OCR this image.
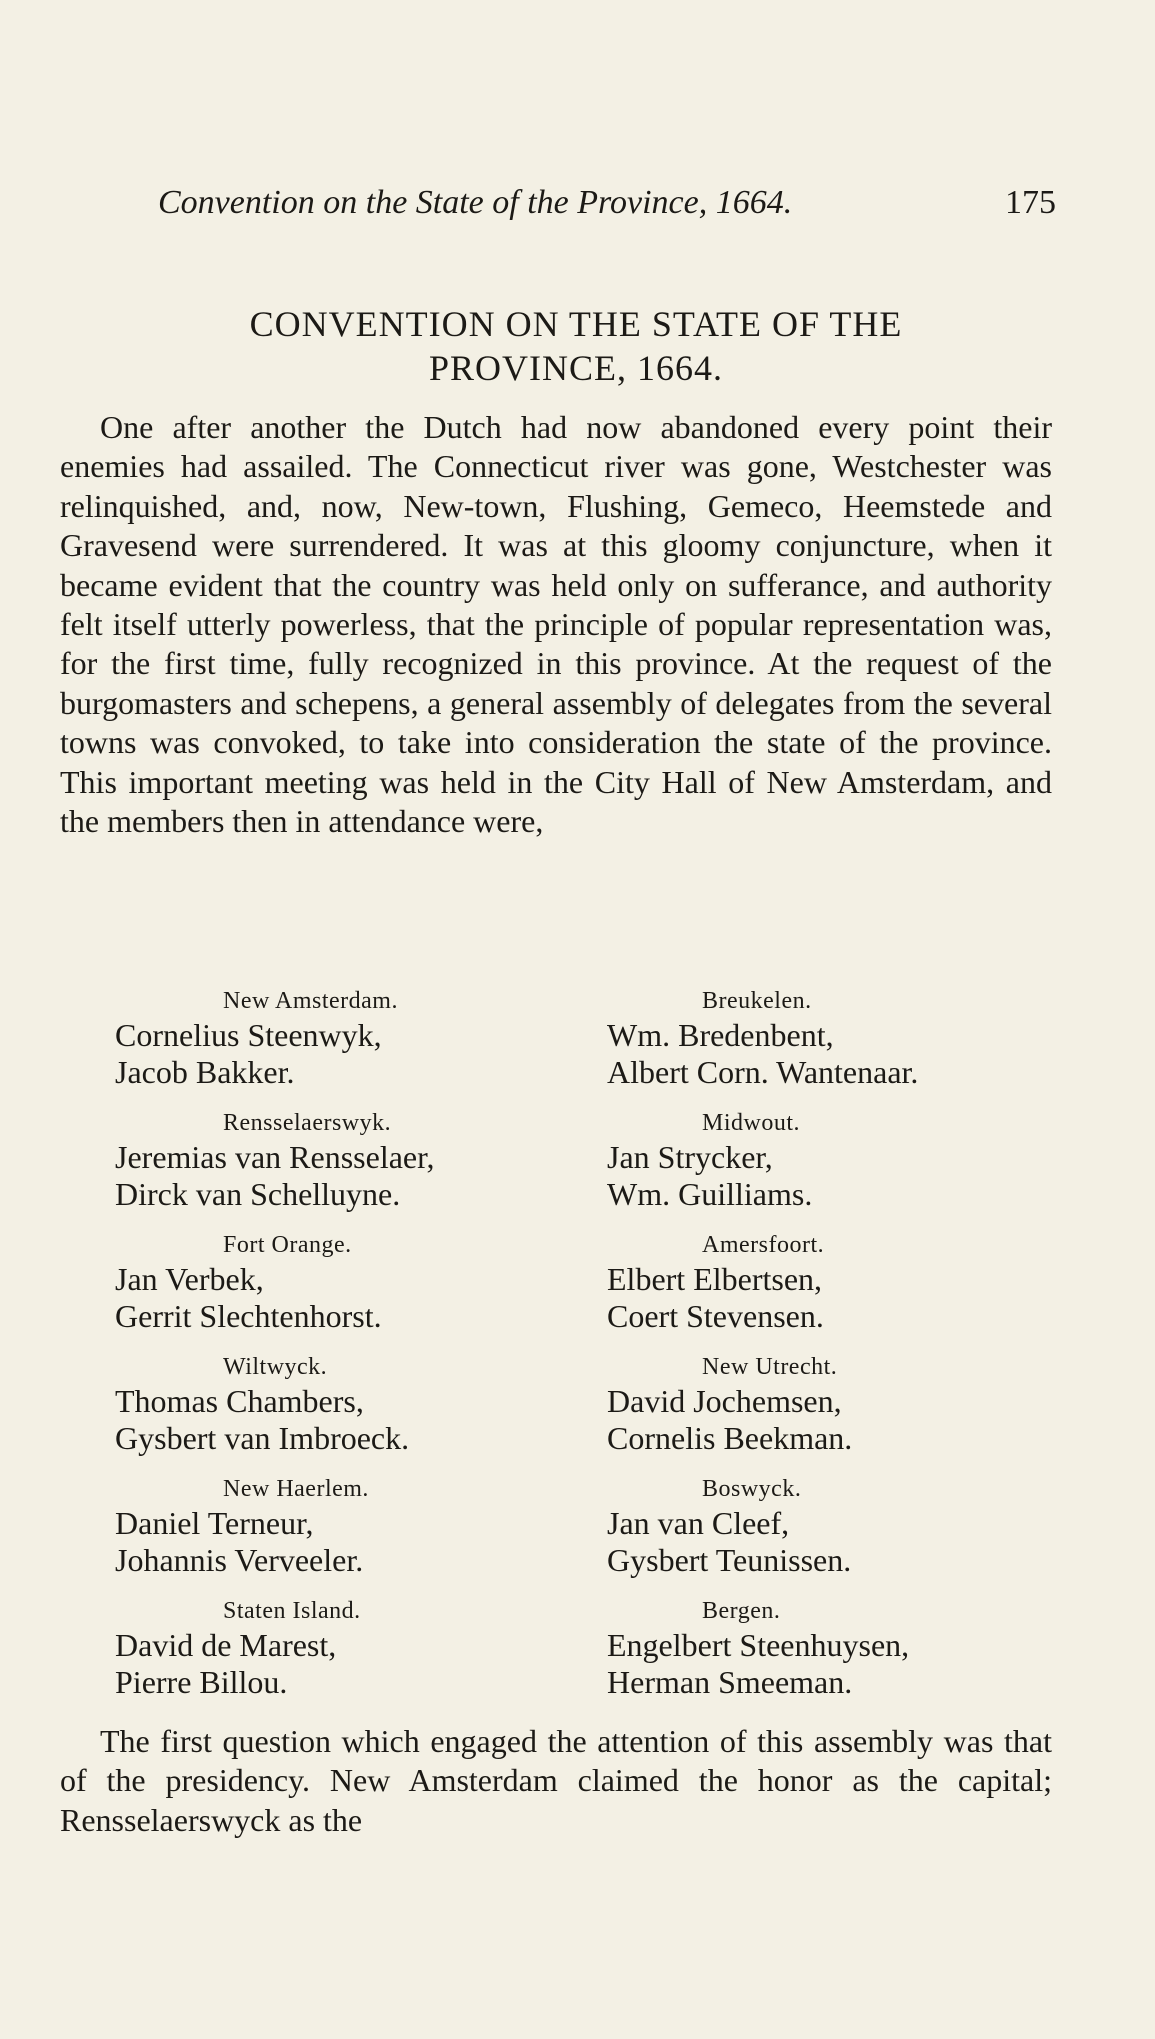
Convention on the State of the Province, 1664.	175
CONVENTION ON THE STATE OF THE
PROVINCE, 1664.

One after another the Dutch had now abandoned every point their enemies had assailed. The Connecticut river was gone, Westchester was relinquished, and, now, New-town, Flushing, Gemeco, Heemstede and Gravesend were surrendered. It was at this gloomy conjuncture, when it became evident that the country was held only on sufferance, and authority felt itself utterly powerless, that the principle of popular representation was, for the first time, fully recognized in this province. At the request of the burgomasters and schepens, a general assembly of delegates from the several towns was convoked, to take into consideration the state of the province. This important meeting was held in the City Hall of New Amsterdam, and the members then in attendance were,

New Amsterdam.
Cornelius Steenwyk,
Jacob Bakker.
Breukelen.
Wm. Bredenbent,
Albert Corn. Wantenaar.
Rensselaerswyk.
Jeremias van Rensselaer,
Dirck van Schelluyne.
Midwout.
Jan Strycker,
Wm. Guilliams.
Fort Orange.
Jan Verbek,
Gerrit Slechtenhorst.
Amersfoort.
Elbert Elbertsen,
Coert Stevensen.
Wiltwyck.
Thomas Chambers,
Gysbert van Imbroeck.
New Utrecht.
David Jochemsen,
Cornelis Beekman.
New Haerlem.
Daniel Terneur,
Johannis Verveeler.
Boswyck.
Jan van Cleef,
Gysbert Teunissen.
Staten Island.
David de Marest,
Pierre Billou.
Bergen.
Engelbert Steenhuysen,
Herman Smeeman.

The first question which engaged the attention of this assembly was that of the presidency. New Amsterdam claimed the honor as the capital; Rensselaerswyck as the
